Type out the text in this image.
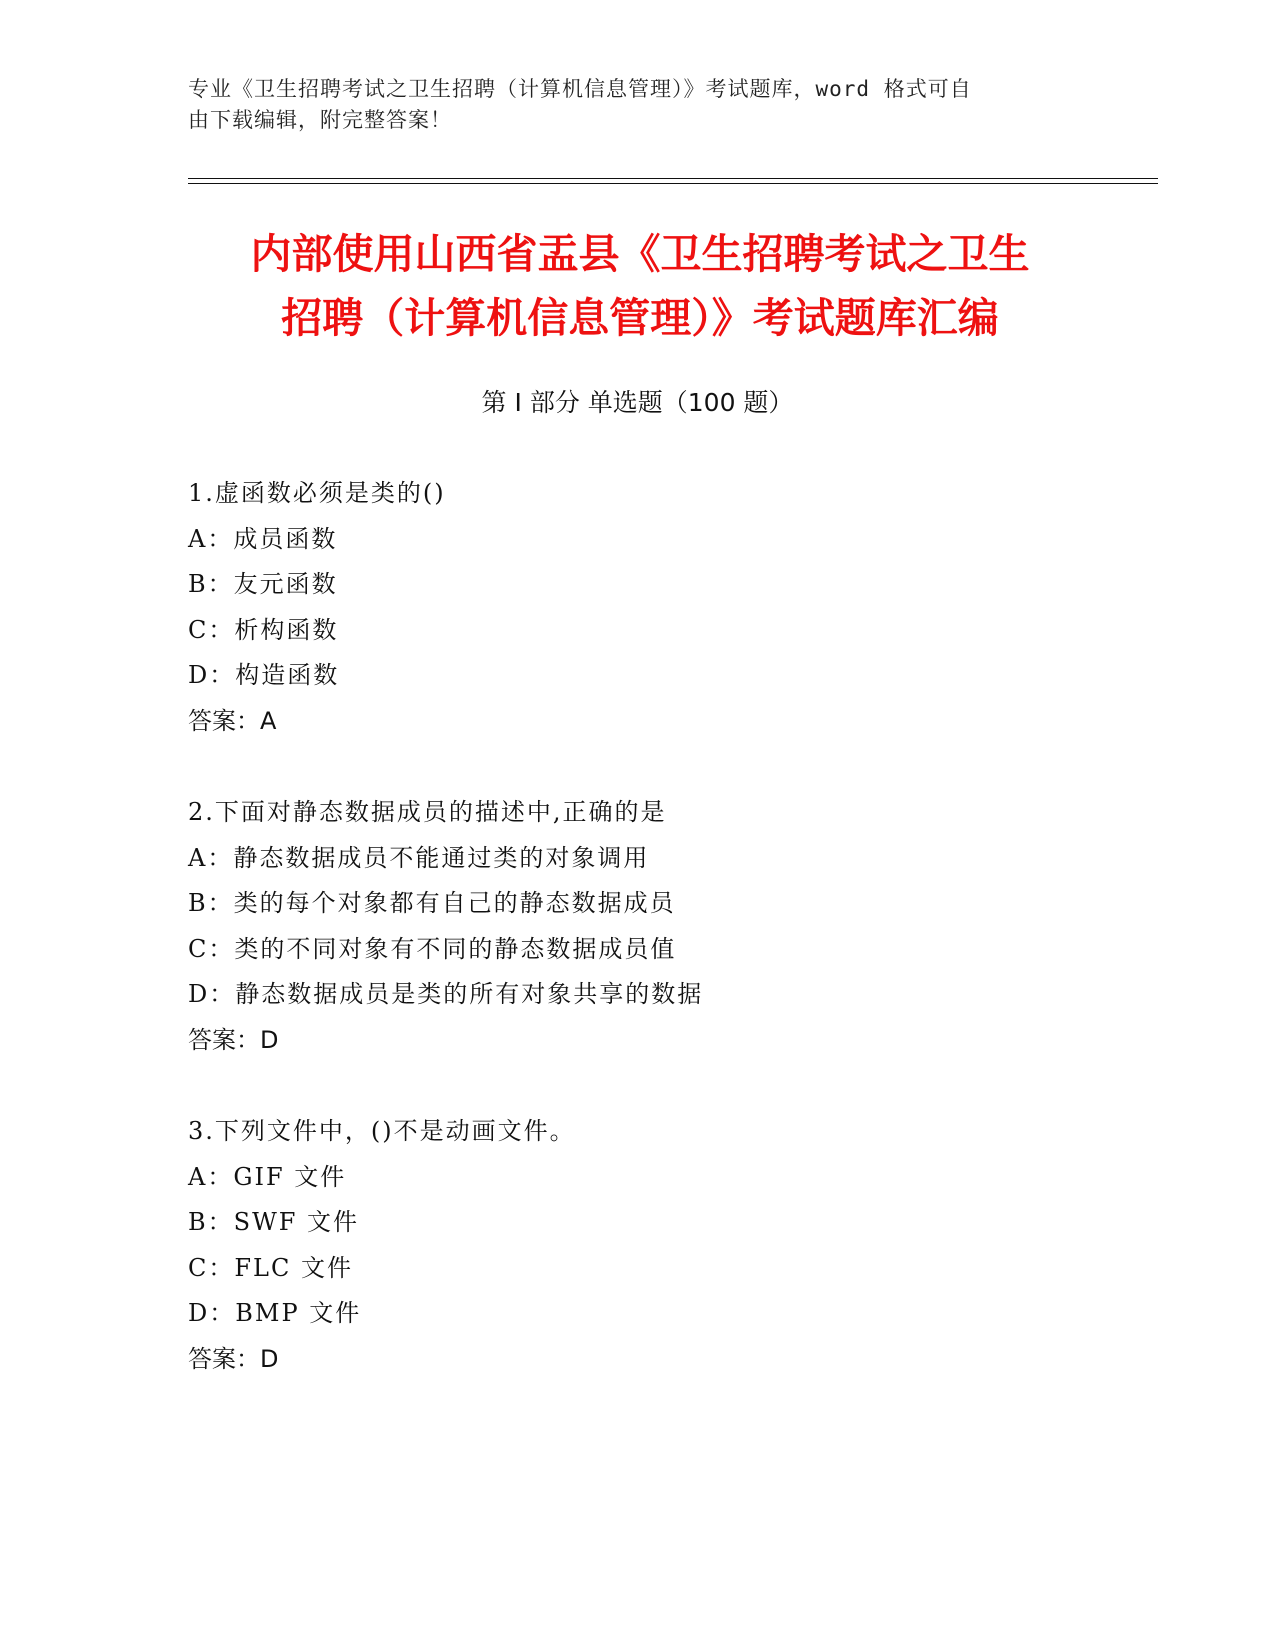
专业《卫生招聘考试之卫生招聘（计算机信息管理）》考试题库，word 格式可自
由下载编辑，附完整答案！
内部使用山西省盂县《卫生招聘考试之卫生
招聘（计算机信息管理）》考试题库汇编
第 I 部分 单选题（100 题）
1.虚函数必须是类的()
A：成员函数
B：友元函数
C：析构函数
D：构造函数
答案：A
2.下面对静态数据成员的描述中,正确的是
A：静态数据成员不能通过类的对象调用
B：类的每个对象都有自己的静态数据成员
C：类的不同对象有不同的静态数据成员值
D：静态数据成员是类的所有对象共享的数据
答案：D
3.下列文件中，()不是动画文件。
A：GIF 文件
B：SWF 文件
C：FLC 文件
D：BMP 文件
答案：D
